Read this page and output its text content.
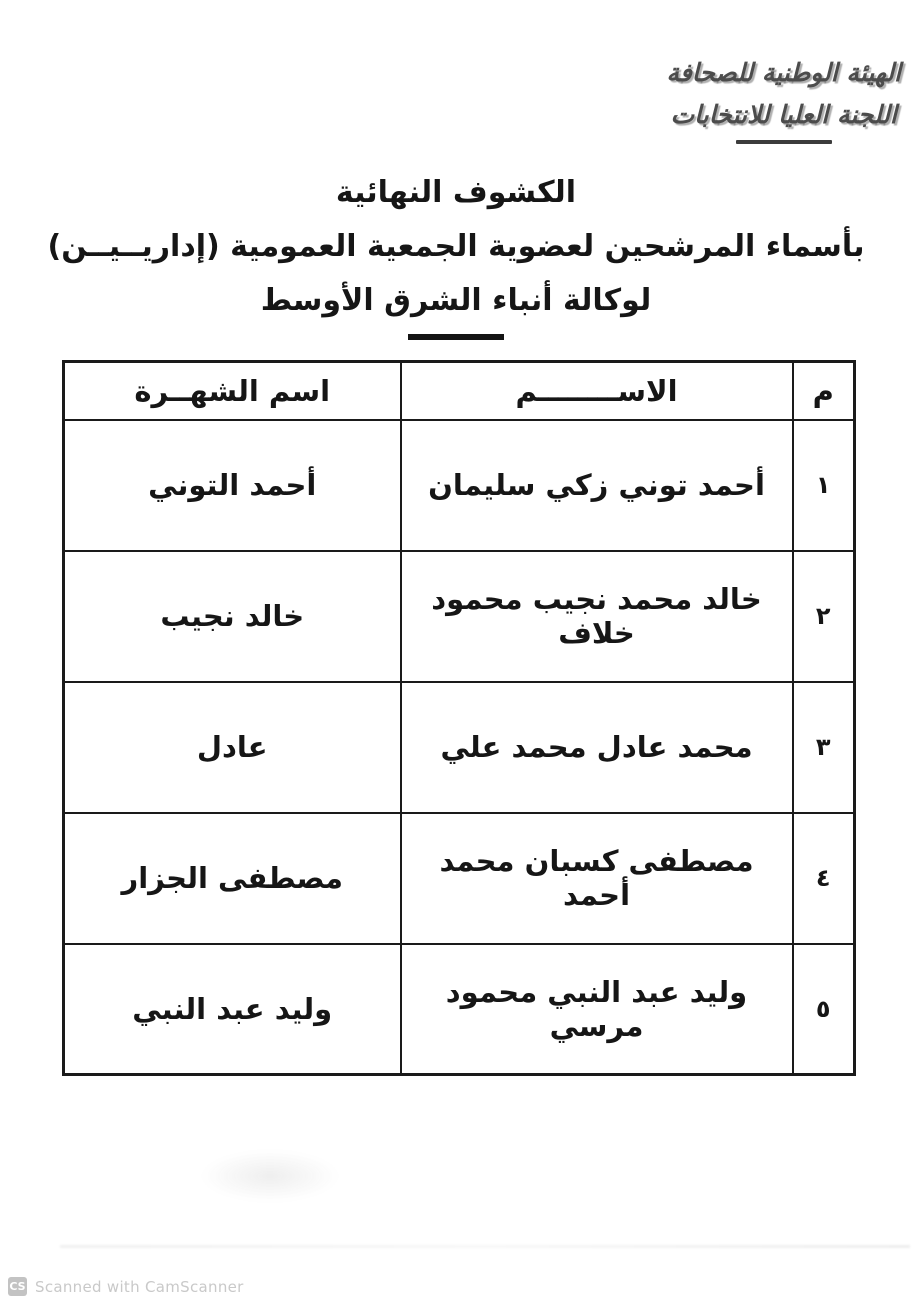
الهيئة الوطنية للصحافة
اللجنة العليا للانتخابات
الكشوف النهائية
بأسماء المرشحين لعضوية الجمعية العمومية (إداريــيــن)
لوكالة أنباء الشرق الأوسط
م	الاســــــــم	اسم الشهــرة
١	أحمد توني زكي سليمان	أحمد التوني
٢	خالد محمد نجيب محمود خلاف	خالد نجيب
٣	محمد عادل محمد علي	عادل
٤	مصطفى كسبان محمد أحمد	مصطفى الجزار
٥	وليد عبد النبي محمود مرسي	وليد عبد النبي
CS Scanned with CamScanner
